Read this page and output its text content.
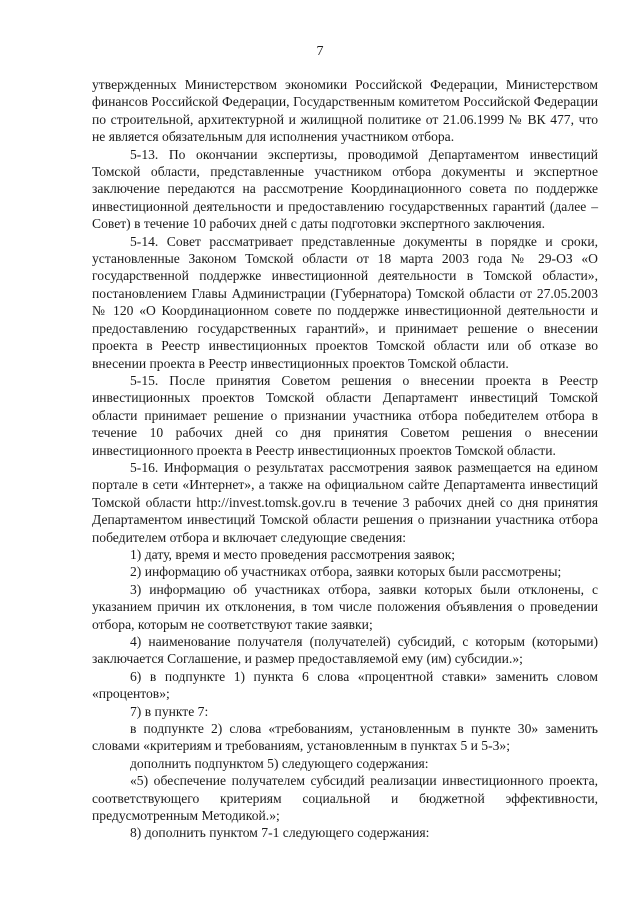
7

утвержденных Министерством экономики Российской Федерации, Министерством финансов Российской Федерации, Государственным комитетом Российской Федерации по строительной, архитектурной и жилищной политике от 21.06.1999 № ВК 477, что не является обязательным для исполнения участником отбора.

5-13. По окончании экспертизы, проводимой Департаментом инвестиций Томской области, представленные участником отбора документы и экспертное заключение передаются на рассмотрение Координационного совета по поддержке инвестиционной деятельности и предоставлению государственных гарантий (далее – Совет) в течение 10 рабочих дней с даты подготовки экспертного заключения.

5-14. Совет рассматривает представленные документы в порядке и сроки, установленные Законом Томской области от 18 марта 2003 года № 29-ОЗ «О государственной поддержке инвестиционной деятельности в Томской области», постановлением Главы Администрации (Губернатора) Томской области от 27.05.2003 № 120 «О Координационном совете по поддержке инвестиционной деятельности и предоставлению государственных гарантий», и принимает решение о внесении проекта в Реестр инвестиционных проектов Томской области или об отказе во внесении проекта в Реестр инвестиционных проектов Томской области.

5-15. После принятия Советом решения о внесении проекта в Реестр инвестиционных проектов Томской области Департамент инвестиций Томской области принимает решение о признании участника отбора победителем отбора в течение 10 рабочих дней со дня принятия Советом решения о внесении инвестиционного проекта в Реестр инвестиционных проектов Томской области.

5-16. Информация о результатах рассмотрения заявок размещается на едином портале в сети «Интернет», а также на официальном сайте Департамента инвестиций Томской области http://invest.tomsk.gov.ru в течение 3 рабочих дней со дня принятия Департаментом инвестиций Томской области решения о признании участника отбора победителем отбора и включает следующие сведения:

1) дату, время и место проведения рассмотрения заявок;

2) информацию об участниках отбора, заявки которых были рассмотрены;

3) информацию об участниках отбора, заявки которых были отклонены, с указанием причин их отклонения, в том числе положения объявления о проведении отбора, которым не соответствуют такие заявки;

4) наименование получателя (получателей) субсидий, с которым (которыми) заключается Соглашение, и размер предоставляемой ему (им) субсидии.»;

6) в подпункте 1) пункта 6 слова «процентной ставки» заменить словом «процентов»;

7) в пункте 7:

в подпункте 2) слова «требованиям, установленным в пункте 30» заменить словами «критериям и требованиям, установленным в пунктах 5 и 5-3»;

дополнить подпунктом 5) следующего содержания:

«5) обеспечение получателем субсидий реализации инвестиционного проекта, соответствующего критериям социальной и бюджетной эффективности, предусмотренным Методикой.»;

8) дополнить пунктом 7-1 следующего содержания:
